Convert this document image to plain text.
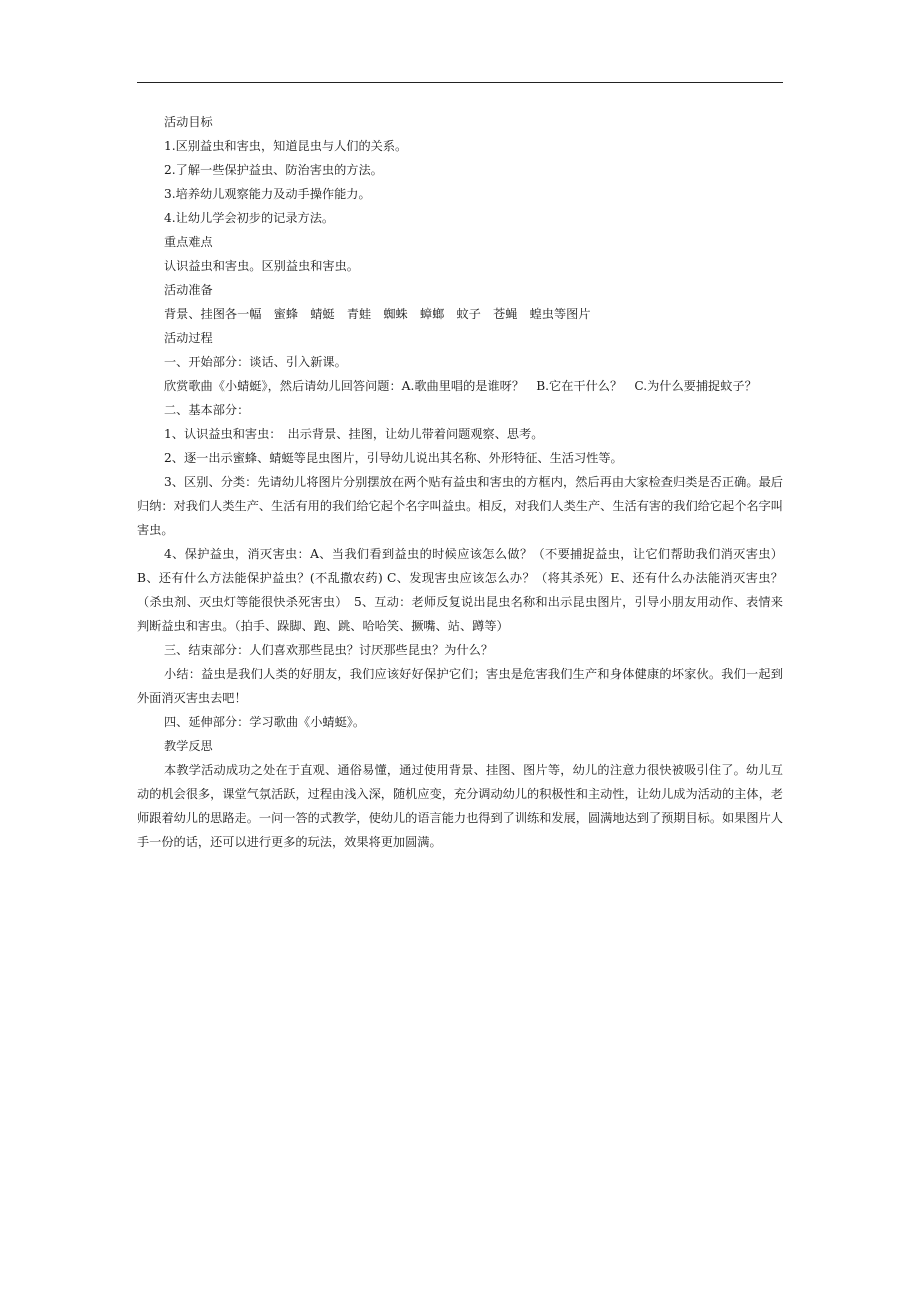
活动目标

1.区别益虫和害虫，知道昆虫与人们的关系。

2.了解一些保护益虫、防治害虫的方法。

3.培养幼儿观察能力及动手操作能力。

4.让幼儿学会初步的记录方法。

重点难点

认识益虫和害虫。区别益虫和害虫。

活动准备

背景、挂图各一幅　蜜蜂　蜻蜓　青蛙　蜘蛛　蟑螂　蚊子　苍蝇　蝗虫等图片

活动过程

一、开始部分：谈话、引入新课。

欣赏歌曲《小蜻蜓》，然后请幼儿回答问题：A.歌曲里唱的是谁呀？　B.它在干什么？　C.为什么要捕捉蚊子？

二、基本部分：

1、认识益虫和害虫：　出示背景、挂图，让幼儿带着问题观察、思考。

2、逐一出示蜜蜂、蜻蜓等昆虫图片，引导幼儿说出其名称、外形特征、生活习性等。

3、区别、分类：先请幼儿将图片分别摆放在两个贴有益虫和害虫的方框内，然后再由大家检查归类是否正确。最后归纳：对我们人类生产、生活有用的我们给它起个名字叫益虫。相反，对我们人类生产、生活有害的我们给它起个名字叫害虫。

4、保护益虫，消灭害虫：A、当我们看到益虫的时候应该怎么做？（不要捕捉益虫，让它们帮助我们消灭害虫）B、还有什么方法能保护益虫？(不乱撒农药) C、发现害虫应该怎么办？（将其杀死）E、还有什么办法能消灭害虫？（杀虫剂、灭虫灯等能很快杀死害虫）　5、互动：老师反复说出昆虫名称和出示昆虫图片，引导小朋友用动作、表情来判断益虫和害虫。（拍手、跺脚、跑、跳、哈哈笑、撅嘴、站、蹲等）

三、结束部分：人们喜欢那些昆虫？讨厌那些昆虫？为什么？

小结：益虫是我们人类的好朋友，我们应该好好保护它们；害虫是危害我们生产和身体健康的坏家伙。我们一起到外面消灭害虫去吧！

四、延伸部分：学习歌曲《小蜻蜓》。

教学反思

本教学活动成功之处在于直观、通俗易懂，通过使用背景、挂图、图片等，幼儿的注意力很快被吸引住了。幼儿互动的机会很多，课堂气氛活跃，过程由浅入深，随机应变，充分调动幼儿的积极性和主动性，让幼儿成为活动的主体，老师跟着幼儿的思路走。一问一答的式教学，使幼儿的语言能力也得到了训练和发展，圆满地达到了预期目标。如果图片人手一份的话，还可以进行更多的玩法，效果将更加圆满。
